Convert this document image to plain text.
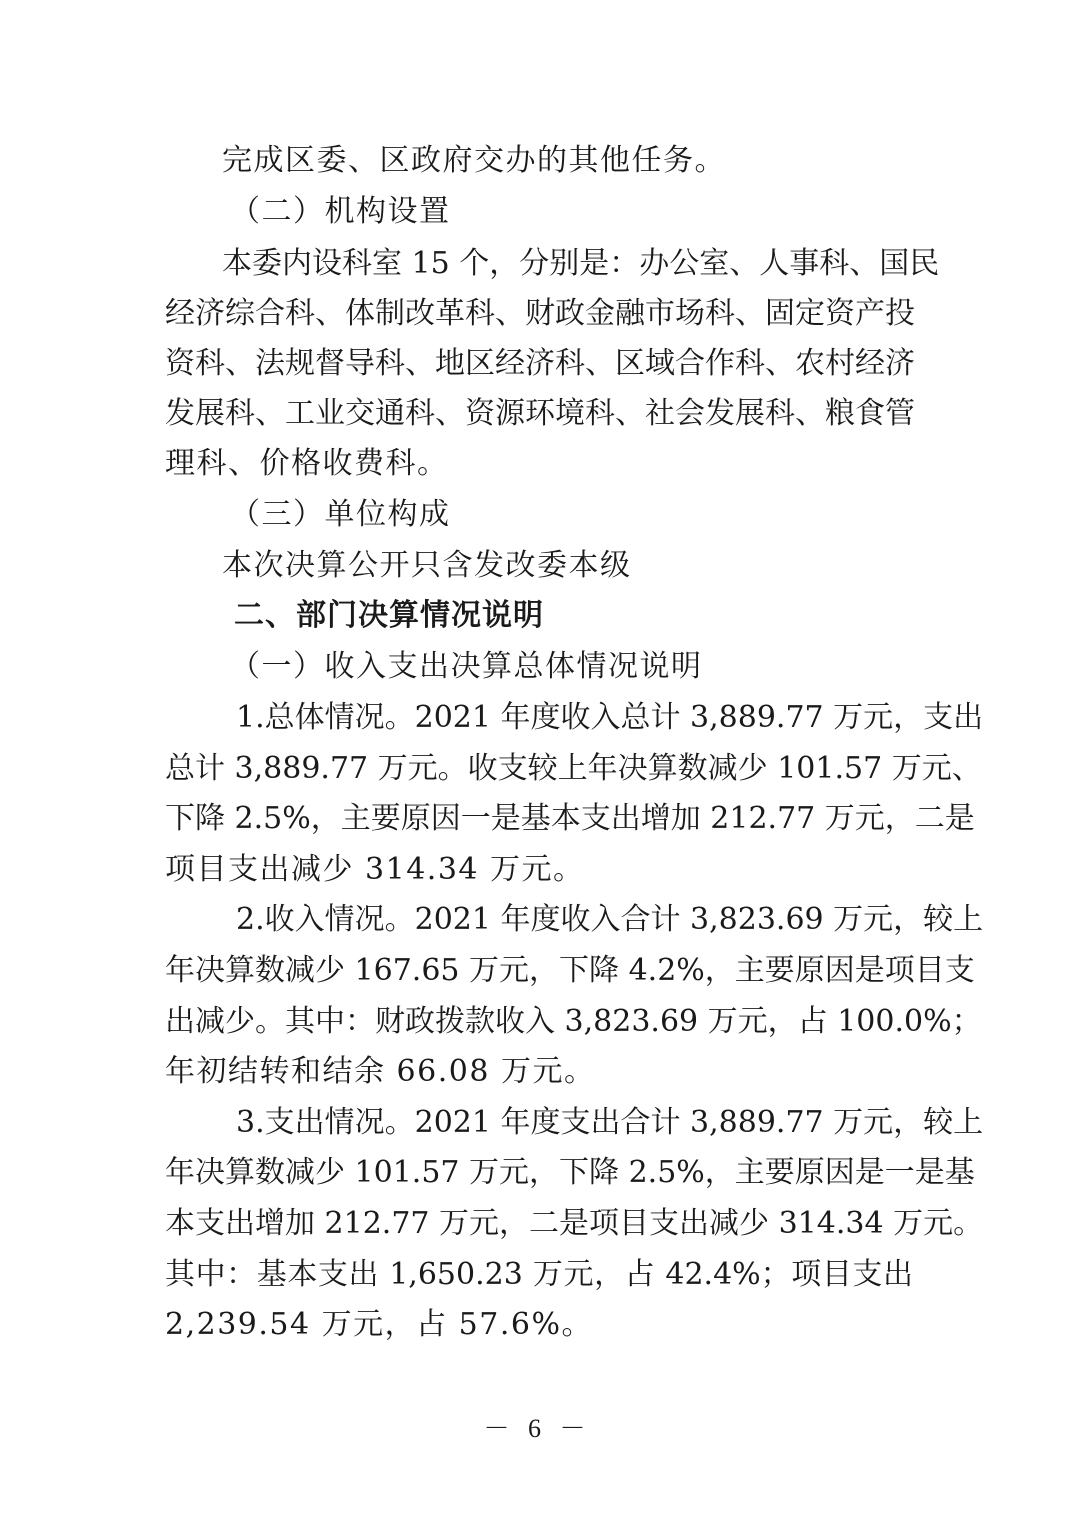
完成区委、区政府交办的其他任务。
（二）机构设置
本委内设科室 15 个，分别是：办公室、人事科、国民
经济综合科、体制改革科、财政金融市场科、固定资产投
资科、法规督导科、地区经济科、区域合作科、农村经济
发展科、工业交通科、资源环境科、社会发展科、粮食管
理科、价格收费科。
（三）单位构成
本次决算公开只含发改委本级
二、部门决算情况说明
（一）收入支出决算总体情况说明
1.总体情况。2021 年度收入总计 3,889.77 万元，支出
总计 3,889.77 万元。收支较上年决算数减少 101.57 万元、
下降 2.5%，主要原因一是基本支出增加 212.77 万元，二是
项目支出减少 314.34 万元。
2.收入情况。2021 年度收入合计 3,823.69 万元，较上
年决算数减少 167.65 万元，下降 4.2%，主要原因是项目支
出减少。其中：财政拨款收入 3,823.69 万元，占 100.0%；
年初结转和结余 66.08 万元。
3.支出情况。2021 年度支出合计 3,889.77 万元，较上
年决算数减少 101.57 万元，下降 2.5%，主要原因是一是基
本支出增加 212.77 万元，二是项目支出减少 314.34 万元。
其中：基本支出 1,650.23 万元，占 42.4%；项目支出
2,239.54 万元，占 57.6%。
－ 6 －
